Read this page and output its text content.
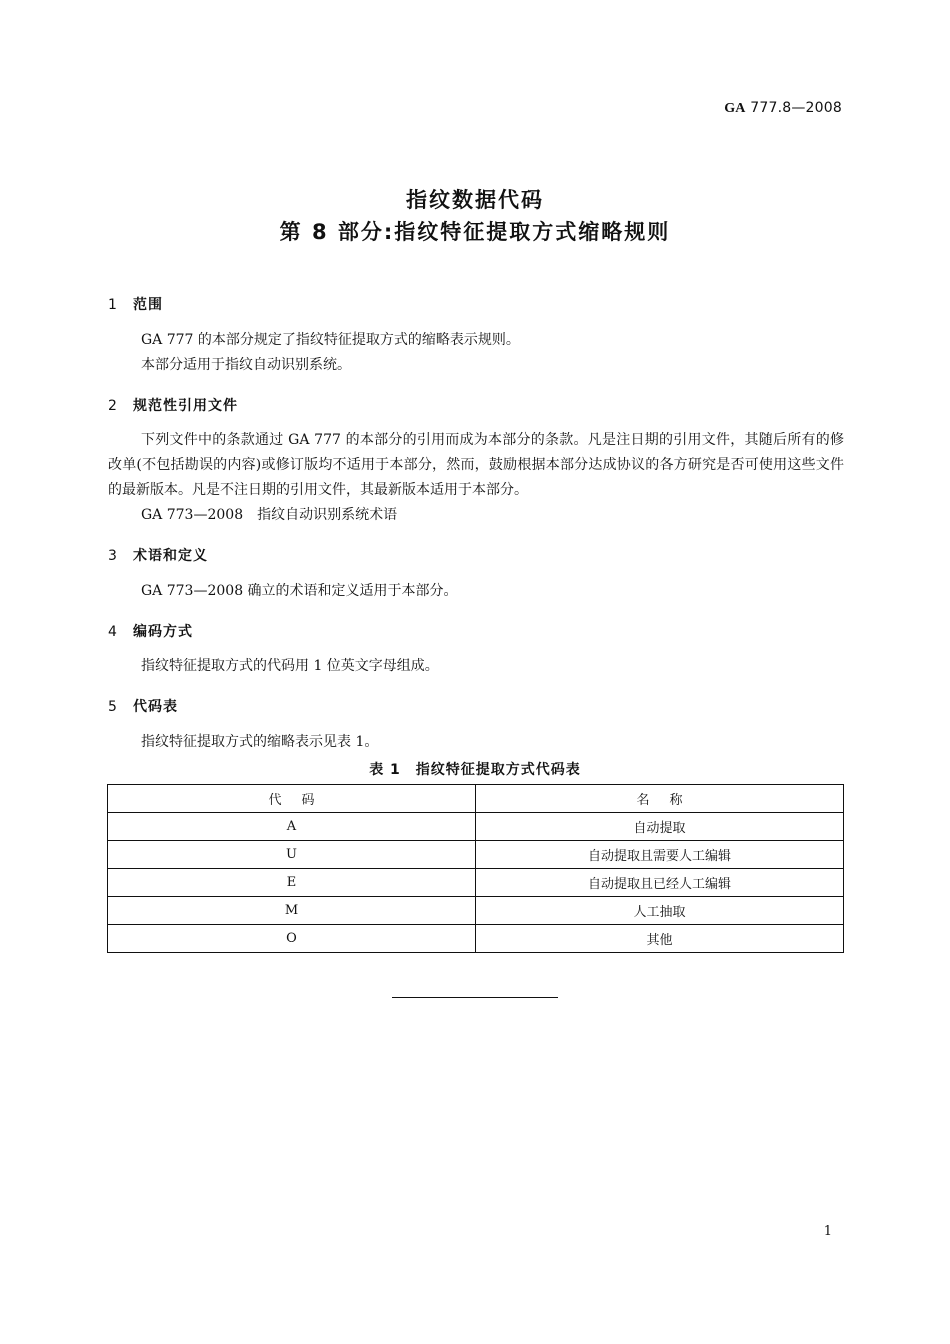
GA 777.8—2008
指纹数据代码
第 8 部分:指纹特征提取方式缩略规则
1 范围
GA 777 的本部分规定了指纹特征提取方式的缩略表示规则。
本部分适用于指纹自动识别系统。
2 规范性引用文件
下列文件中的条款通过 GA 777 的本部分的引用而成为本部分的条款。凡是注日期的引用文件，其随后所有的修改单(不包括勘误的内容)或修订版均不适用于本部分，然而，鼓励根据本部分达成协议的各方研究是否可使用这些文件的最新版本。凡是不注日期的引用文件，其最新版本适用于本部分。
GA 773—2008　指纹自动识别系统术语
3 术语和定义
GA 773—2008 确立的术语和定义适用于本部分。
4 编码方式
指纹特征提取方式的代码用 1 位英文字母组成。
5 代码表
指纹特征提取方式的缩略表示见表 1。
表 1　指纹特征提取方式代码表
代码	名称
A	自动提取
U	自动提取且需要人工编辑
E	自动提取且已经人工编辑
M	人工抽取
O	其他
1
